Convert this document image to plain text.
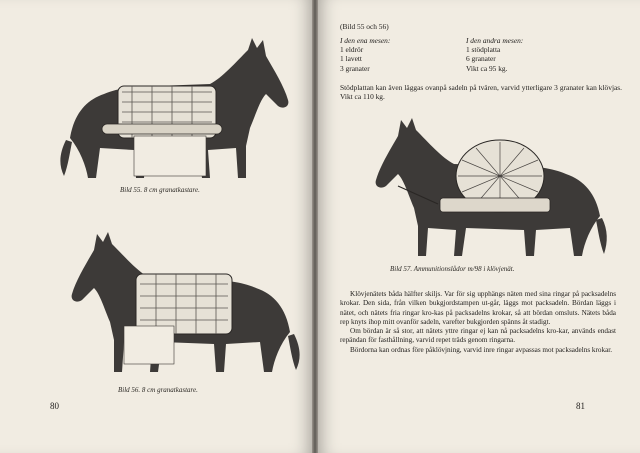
Bild 55. 8 cm granatkastare.
Bild 56. 8 cm granatkastare.
80
(Bild 55 och 56)
I den ena mesen:
1 eldrör
1 lavett
3 granater
I den andra mesen:
1 stödplatta
6 granater
Vikt ca 95 kg.
Stödplattan kan även läggas ovanpå sadeln på tvären, varvid ytterligare 3 granater kan klövjas. Vikt ca 110 kg.
Bild 57. Ammunitionslådor m/98 i klövjenät.

Klövjenätets båda hälfter skiljs. Var för sig upphängs näten med sina ringar på packsadelns krokar. Den sida, från vilken bukgjordstampen ut-går, läggs mot packsadeln. Bördan läggs i nätet, och nätets fria ringar kro-kas på packsadelns krokar, så att bördan omsluts. Nätets båda rep knyts ihop mitt ovanför sadeln, varefter bukgjorden spänns åt stadigt.

Om bördan är så stor, att nätets yttre ringar ej kan nå packsadelns kro-kar, används endast repändan för fasthållning, varvid repet träds genom ringarna.

Bördorna kan ordnas före påklövjning, varvid inre ringar avpassas mot packsadelns krokar.

81
